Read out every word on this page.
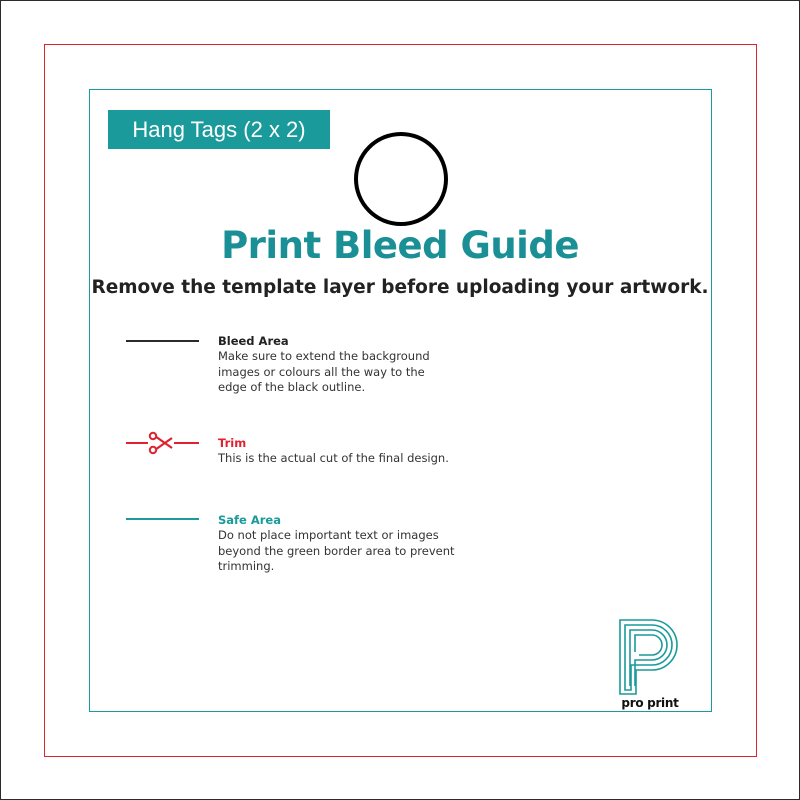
Hang Tags (2 x 2)
Print Bleed Guide
Remove the template layer before uploading your artwork.
Bleed Area
Make sure to extend the background images or colours all the way to the edge of the black outline.
Trim
This is the actual cut of the final design.
Safe Area
Do not place important text or images beyond the green border area to prevent trimming.
pro print
